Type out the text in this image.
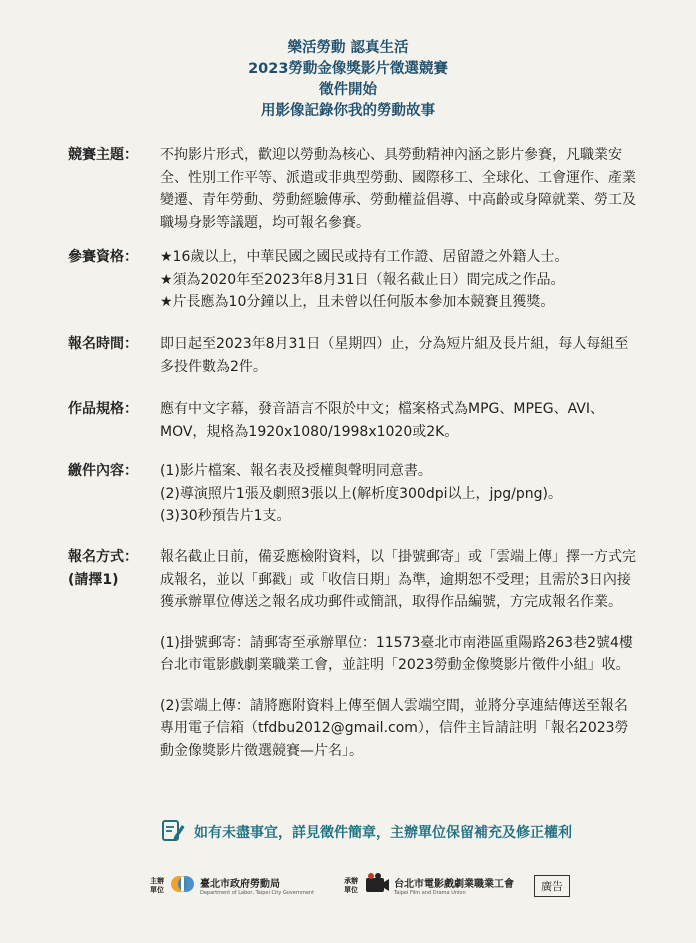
樂活勞動 認真生活
2023勞動金像獎影片徵選競賽
徵件開始
用影像記錄你我的勞動故事
競賽主題：	不拘影片形式，歡迎以勞動為核心、具勞動精神內涵之影片參賽，凡職業安全、性別工作平等、派遣或非典型勞動、國際移工、全球化、工會運作、產業變遷、青年勞動、勞動經驗傳承、勞動權益倡導、中高齡或身障就業、勞工及職場身影等議題，均可報名參賽。

參賽資格：	★16歲以上，中華民國之國民或持有工作證、居留證之外籍人士。

★須為2020年至2023年8月31日（報名截止日）間完成之作品。

★片長應為10分鐘以上，且未曾以任何版本參加本競賽且獲獎。

報名時間：	即日起至2023年8月31日（星期四）止，分為短片組及長片組，每人每組至多投件數為2件。

作品規格：	應有中文字幕，發音語言不限於中文；檔案格式為MPG、MPEG、AVI、MOV，規格為1920x1080/1998x1020或2K。

繳件內容：	(1)影片檔案、報名表及授權與聲明同意書。

(2)導演照片1張及劇照3張以上(解析度300dpi以上，jpg/png)。

(3)30秒預告片1支。

報名方式：
(請擇1)

報名截止日前，備妥應檢附資料，以「掛號郵寄」或「雲端上傳」擇一方式完成報名，並以「郵戳」或「收信日期」為準，逾期恕不受理；且需於3日內接獲承辦單位傳送之報名成功郵件或簡訊，取得作品編號，方完成報名作業。

(1)掛號郵寄：請郵寄至承辦單位：11573臺北市南港區重陽路263巷2號4樓台北市電影戲劇業職業工會，並註明「2023勞動金像獎影片徵件小組」收。

(2)雲端上傳：請將應附資料上傳至個人雲端空間，並將分享連結傳送至報名專用電子信箱（tfdbu2012@gmail.com），信件主旨請註明「報名2023勞動金像獎影片徵選競賽—片名」。

如有未盡事宜，詳見徵件簡章，主辦單位保留補充及修正權利
主辦
單位	臺北市政府勞動局
Department of Labor, Taipei City Government
承辦
單位	台北市電影戲劇業職業工會
Taipei Film and Drama Union
廣告
